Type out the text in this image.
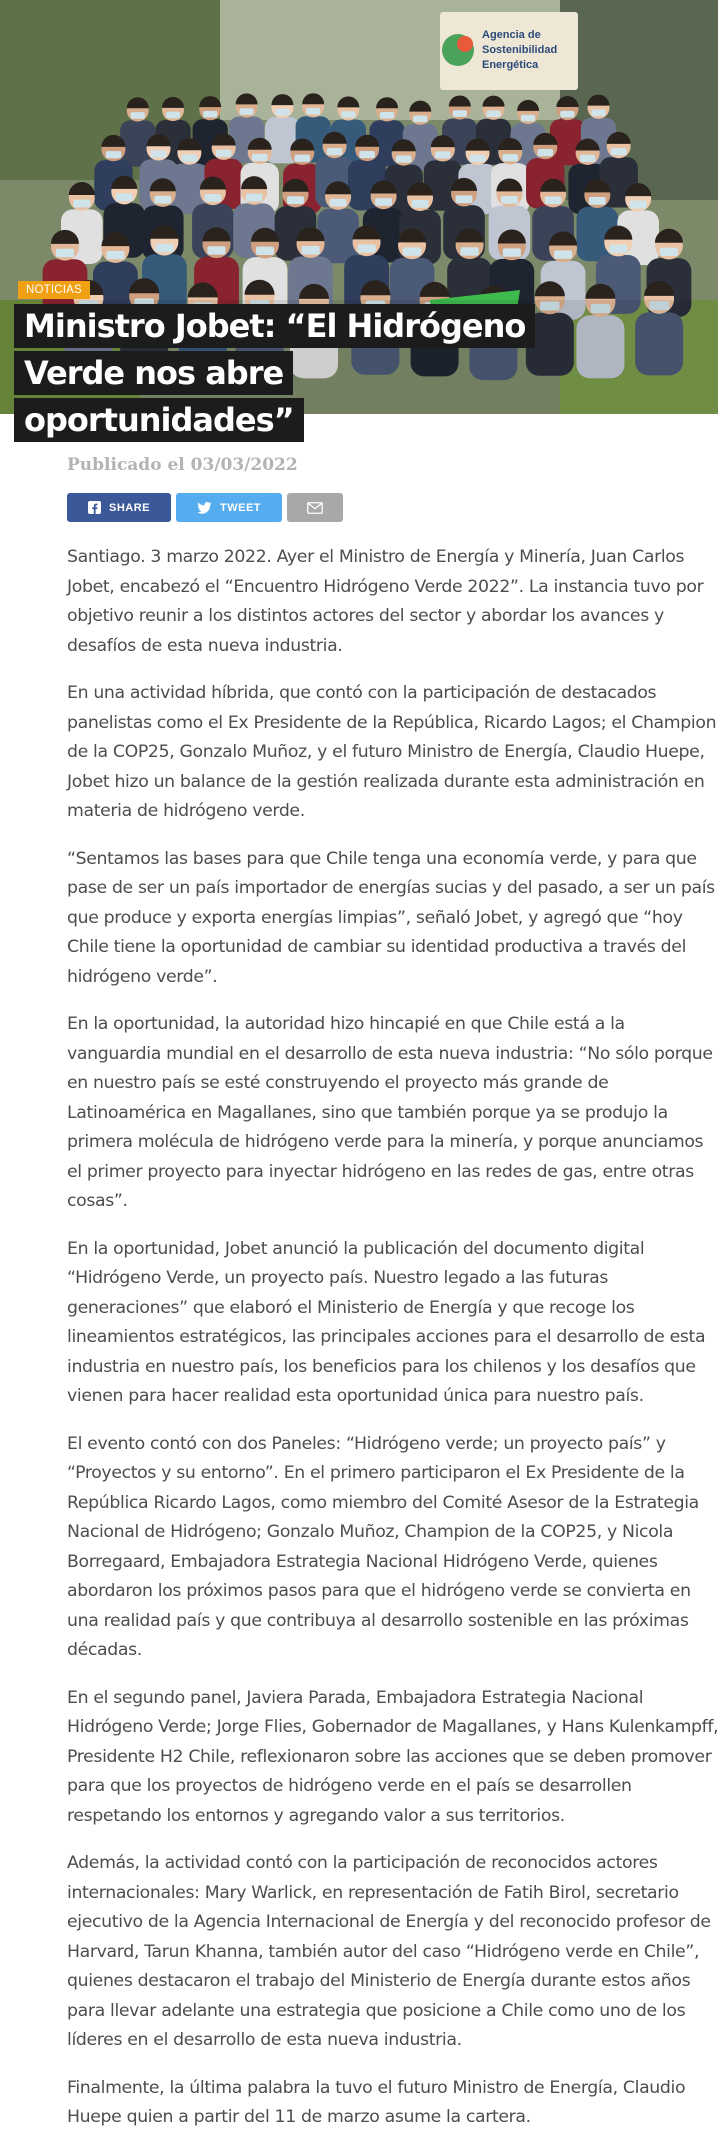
Agencia de
Sostenibilidad
Energética
NOTICIAS
Ministro Jobet: “El Hidrógeno Verde nos abre oportunidades”
Publicado el 03/03/2022
SHARE	TWEET

Santiago. 3 marzo 2022. Ayer el Ministro de Energía y Minería, Juan Carlos Jobet, encabezó el “Encuentro Hidrógeno Verde 2022”. La instancia tuvo por objetivo reunir a los distintos actores del sector y abordar los avances y desafíos de esta nueva industria.

En una actividad híbrida, que contó con la participación de destacados panelistas como el Ex Presidente de la República, Ricardo Lagos; el Champion de la COP25, Gonzalo Muñoz, y el futuro Ministro de Energía, Claudio Huepe, Jobet hizo un balance de la gestión realizada durante esta administración en materia de hidrógeno verde.

“Sentamos las bases para que Chile tenga una economía verde, y para que pase de ser un país importador de energías sucias y del pasado, a ser un país que produce y exporta energías limpias”, señaló Jobet, y agregó que “hoy Chile tiene la oportunidad de cambiar su identidad productiva a través del hidrógeno verde”.

En la oportunidad, la autoridad hizo hincapié en que Chile está a la vanguardia mundial en el desarrollo de esta nueva industria: “No sólo porque en nuestro país se esté construyendo el proyecto más grande de Latinoamérica en Magallanes, sino que también porque ya se produjo la primera molécula de hidrógeno verde para la minería, y porque anunciamos el primer proyecto para inyectar hidrógeno en las redes de gas, entre otras cosas”.

En la oportunidad, Jobet anunció la publicación del documento digital “Hidrógeno Verde, un proyecto país. Nuestro legado a las futuras generaciones” que elaboró el Ministerio de Energía y que recoge los lineamientos estratégicos, las principales acciones para el desarrollo de esta industria en nuestro país, los beneficios para los chilenos y los desafíos que vienen para hacer realidad esta oportunidad única para nuestro país.

El evento contó con dos Paneles: “Hidrógeno verde; un proyecto país” y “Proyectos y su entorno”. En el primero participaron el Ex Presidente de la República Ricardo Lagos, como miembro del Comité Asesor de la Estrategia Nacional de Hidrógeno; Gonzalo Muñoz, Champion de la COP25, y Nicola Borregaard, Embajadora Estrategia Nacional Hidrógeno Verde, quienes abordaron los próximos pasos para que el hidrógeno verde se convierta en una realidad país y que contribuya al desarrollo sostenible en las próximas décadas.

En el segundo panel, Javiera Parada, Embajadora Estrategia Nacional Hidrógeno Verde; Jorge Flies, Gobernador de Magallanes, y Hans Kulenkampff, Presidente H2 Chile, reflexionaron sobre las acciones que se deben promover para que los proyectos de hidrógeno verde en el país se desarrollen respetando los entornos y agregando valor a sus territorios.

Además, la actividad contó con la participación de reconocidos actores internacionales: Mary Warlick, en representación de Fatih Birol, secretario ejecutivo de la Agencia Internacional de Energía y del reconocido profesor de Harvard, Tarun Khanna, también autor del caso “Hidrógeno verde en Chile”, quienes destacaron el trabajo del Ministerio de Energía durante estos años para llevar adelante una estrategia que posicione a Chile como uno de los líderes en el desarrollo de esta nueva industria.

Finalmente, la última palabra la tuvo el futuro Ministro de Energía, Claudio Huepe quien a partir del 11 de marzo asume la cartera.
